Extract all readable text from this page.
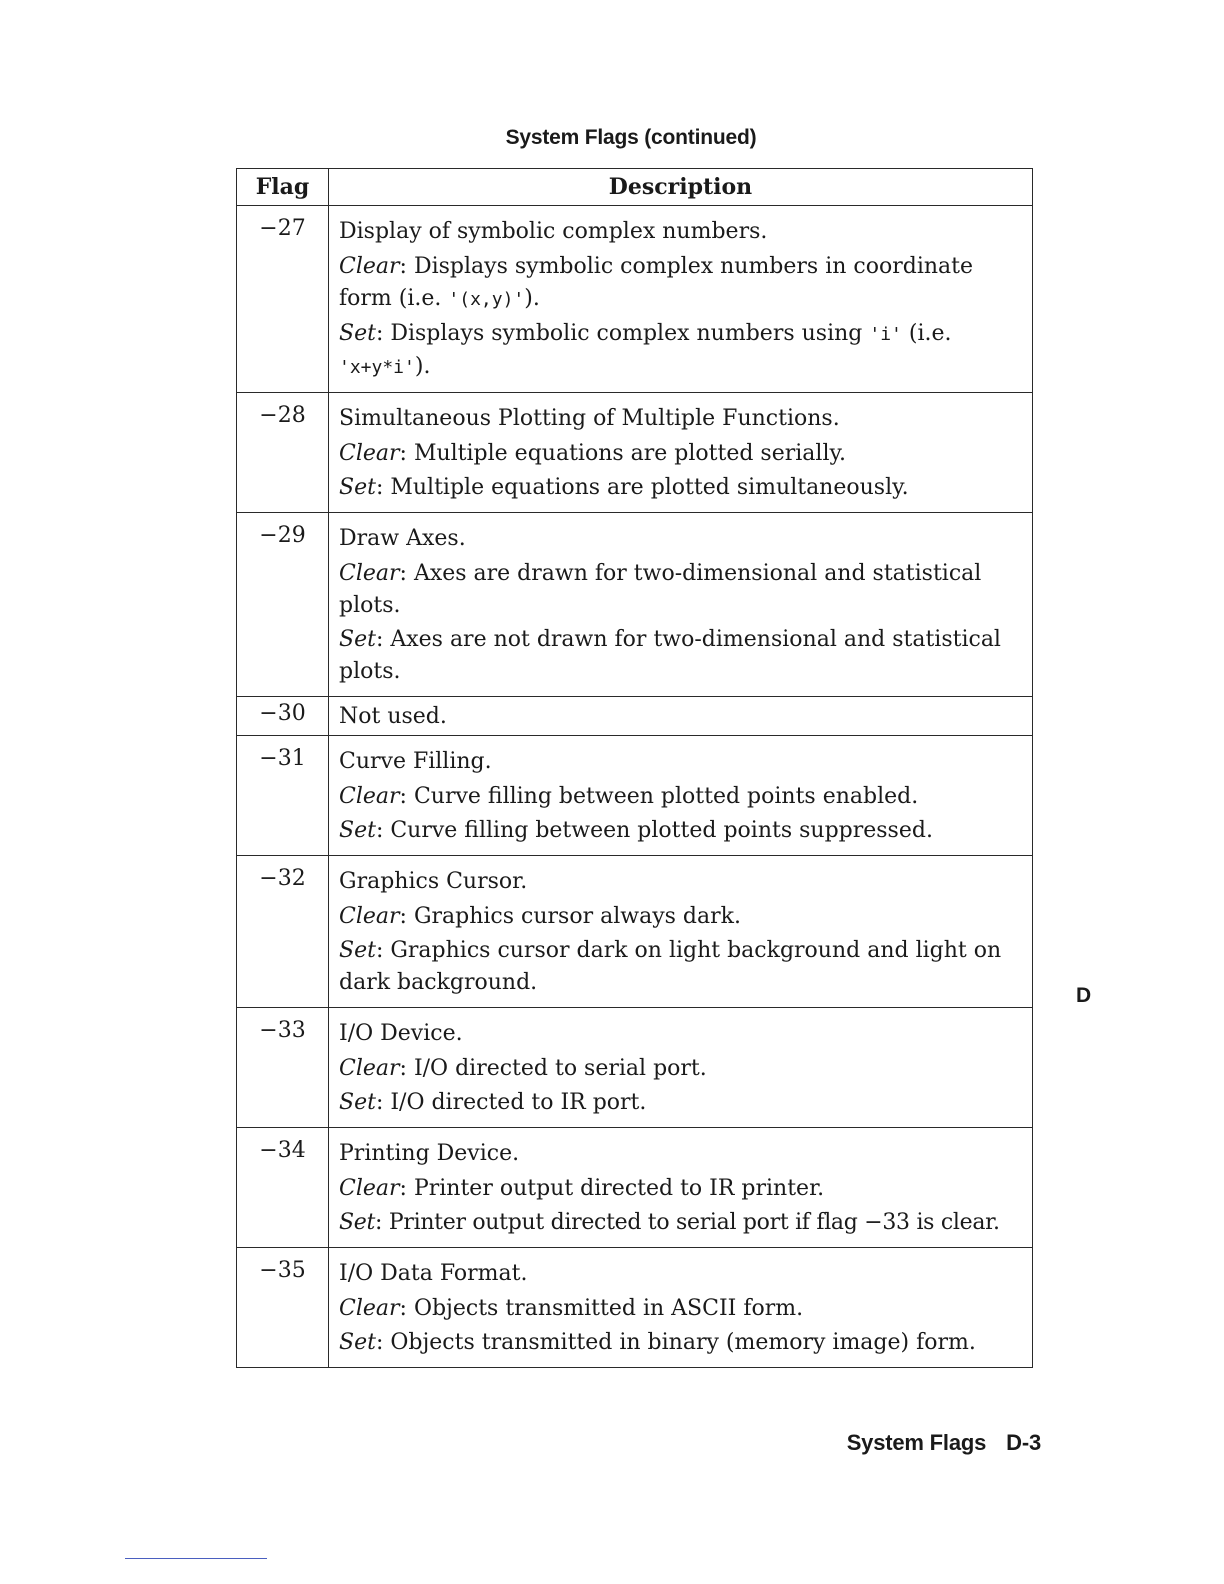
System Flags (continued)
Flag	Description
−27	Display of symbolic complex numbers.

Clear: Displays symbolic complex numbers in coordinate form (i.e. '(x,y)').

Set: Displays symbolic complex numbers using 'i' (i.e. 'x+y*i').

−28	Simultaneous Plotting of Multiple Functions.

Clear: Multiple equations are plotted serially.

Set: Multiple equations are plotted simultaneously.

−29	Draw Axes.

Clear: Axes are drawn for two-dimensional and statistical plots.

Set: Axes are not drawn for two-dimensional and statistical plots.

−30	Not used.

−31	Curve Filling.

Clear: Curve filling between plotted points enabled.

Set: Curve filling between plotted points suppressed.

−32	Graphics Cursor.

Clear: Graphics cursor always dark.

Set: Graphics cursor dark on light background and light on dark background.

−33	I/O Device.

Clear: I/O directed to serial port.

Set: I/O directed to IR port.

−34	Printing Device.

Clear: Printer output directed to IR printer.

Set: Printer output directed to serial port if flag −33 is clear.

−35	I/O Data Format.

Clear: Objects transmitted in ASCII form.

Set: Objects transmitted in binary (memory image) form.

D
System Flags D-3
